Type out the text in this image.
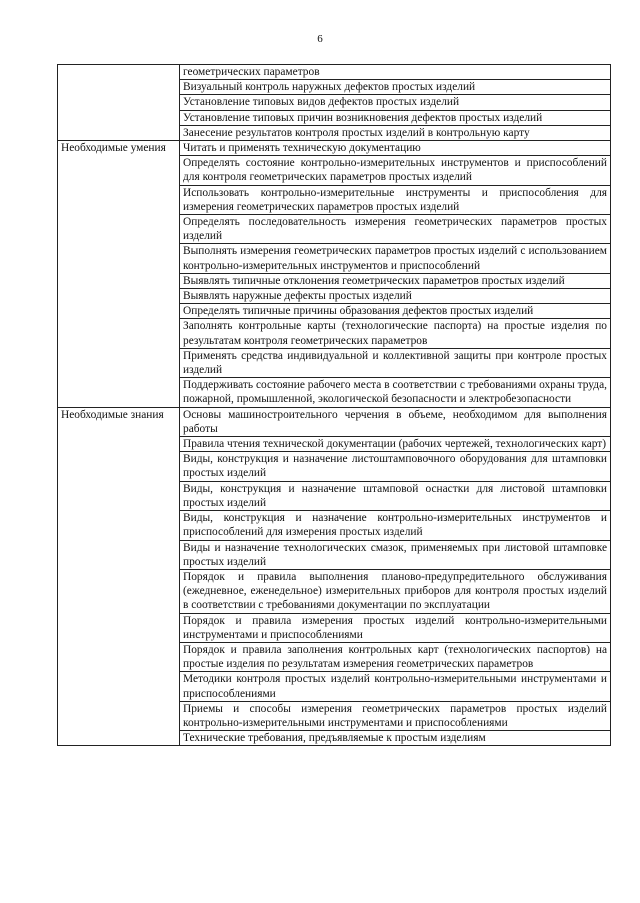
6
	геометрических параметров
	Визуальный контроль наружных дефектов простых изделий
	Установление типовых видов дефектов простых изделий
	Установление типовых причин возникновения дефектов простых изделий
	Занесение результатов контроля простых изделий в контрольную карту
Необходимые умения	Читать и применять техническую документацию
	Определять состояние контрольно-измерительных инструментов и приспособлений для контроля геометрических параметров простых изделий
	Использовать контрольно-измерительные инструменты и приспособления для измерения геометрических параметров простых изделий
	Определять последовательность измерения геометрических параметров простых изделий
	Выполнять измерения геометрических параметров простых изделий с использованием контрольно-измерительных инструментов и приспособлений
	Выявлять типичные отклонения геометрических параметров простых изделий
	Выявлять наружные дефекты простых изделий
	Определять типичные причины образования дефектов простых изделий
	Заполнять контрольные карты (технологические паспорта) на простые изделия по результатам контроля геометрических параметров
	Применять средства индивидуальной и коллективной защиты при контроле простых изделий
	Поддерживать состояние рабочего места в соответствии с требованиями охраны труда, пожарной, промышленной, экологической безопасности и электробезопасности
Необходимые знания	Основы машиностроительного черчения в объеме, необходимом для выполнения работы
	Правила чтения технической документации (рабочих чертежей, технологических карт)
	Виды, конструкция и назначение листоштамповочного оборудования для штамповки простых изделий
	Виды, конструкция и назначение штамповой оснастки для листовой штамповки простых изделий
	Виды, конструкция и назначение контрольно-измерительных инструментов и приспособлений для измерения простых изделий
	Виды и назначение технологических смазок, применяемых при листовой штамповке простых изделий
	Порядок и правила выполнения планово-предупредительного обслуживания (ежедневное, еженедельное) измерительных приборов для контроля простых изделий в соответствии с требованиями документации по эксплуатации
	Порядок и правила измерения простых изделий контрольно-измерительными инструментами и приспособлениями
	Порядок и правила заполнения контрольных карт (технологических паспортов) на простые изделия по результатам измерения геометрических параметров
	Методики контроля простых изделий контрольно-измерительными инструментами и приспособлениями
	Приемы и способы измерения геометрических параметров простых изделий контрольно-измерительными инструментами и приспособлениями
	Технические требования, предъявляемые к простым изделиям
